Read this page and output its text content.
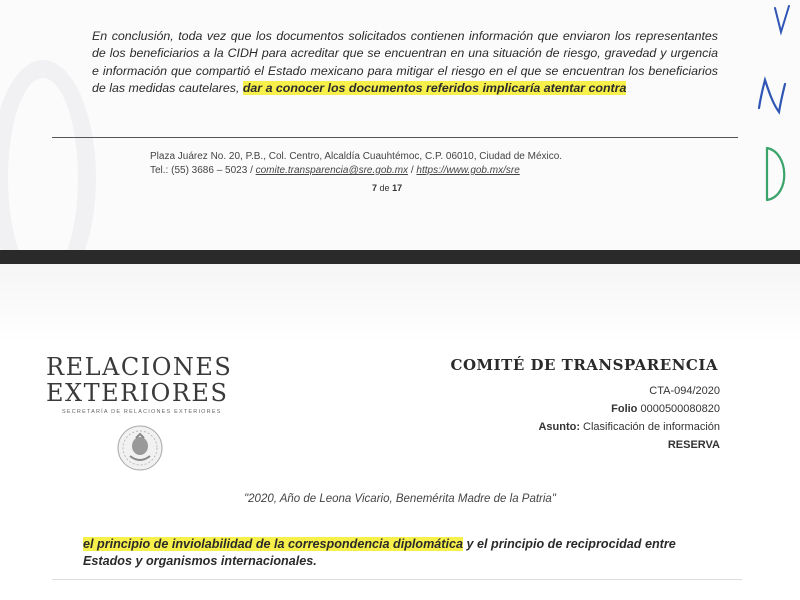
En conclusión, toda vez que los documentos solicitados contienen información que enviaron los representantes de los beneficiarios a la CIDH para acreditar que se encuentran en una situación de riesgo, gravedad y urgencia e información que compartió el Estado mexicano para mitigar el riesgo en el que se encuentran los beneficiarios de las medidas cautelares, dar a conocer los documentos referidos implicaría atentar contra
Plaza Juárez No. 20, P.B., Col. Centro, Alcaldía Cuauhtémoc, C.P. 06010, Ciudad de México.
Tel.: (55) 3686 – 5023 / comite.transparencia@sre.gob.mx / https://www.gob.mx/sre
7 de 17
RELACIONES
EXTERIORES
SECRETARÍA DE RELACIONES EXTERIORES
COMITÉ DE TRANSPARENCIA
CTA-094/2020
Folio 0000500080820
Asunto: Clasificación de información
RESERVA
"2020, Año de Leona Vicario, Benemérita Madre de la Patria"
el principio de inviolabilidad de la correspondencia diplomática y el principio de reciprocidad entre Estados y organismos internacionales.
